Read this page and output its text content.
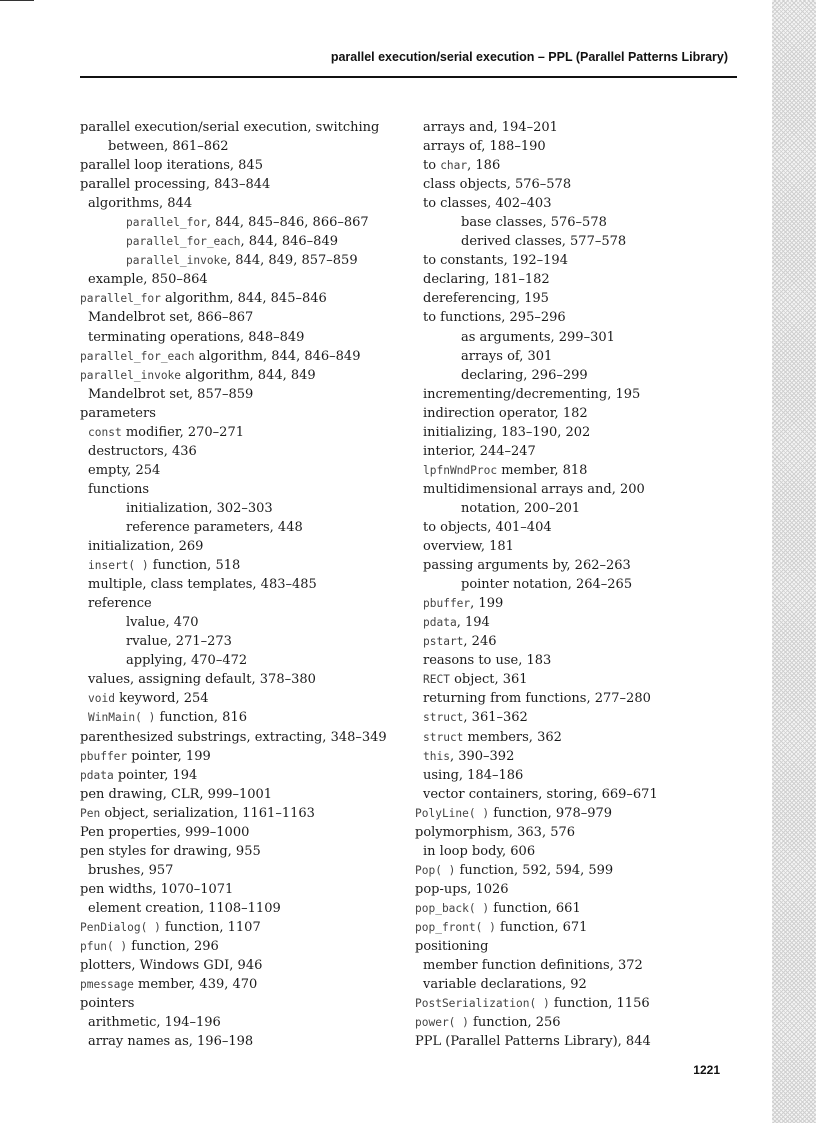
parallel execution/serial execution – PPL (Parallel Patterns Library)
parallel execution/serial execution, switching
between, 861–862
parallel loop iterations, 845
parallel processing, 843–844
algorithms, 844
parallel_for, 844, 845–846, 866–867
parallel_for_each, 844, 846–849
parallel_invoke, 844, 849, 857–859
example, 850–864
parallel_for algorithm, 844, 845–846
Mandelbrot set, 866–867
terminating operations, 848–849
parallel_for_each algorithm, 844, 846–849
parallel_invoke algorithm, 844, 849
Mandelbrot set, 857–859
parameters
const modifier, 270–271
destructors, 436
empty, 254
functions
initialization, 302–303
reference parameters, 448
initialization, 269
insert( ) function, 518
multiple, class templates, 483–485
reference
lvalue, 470
rvalue, 271–273
applying, 470–472
values, assigning default, 378–380
void keyword, 254
WinMain( ) function, 816
parenthesized substrings, extracting, 348–349
pbuffer pointer, 199
pdata pointer, 194
pen drawing, CLR, 999–1001
Pen object, serialization, 1161–1163
Pen properties, 999–1000
pen styles for drawing, 955
brushes, 957
pen widths, 1070–1071
element creation, 1108–1109
PenDialog( ) function, 1107
pfun( ) function, 296
plotters, Windows GDI, 946
pmessage member, 439, 470
pointers
arithmetic, 194–196
array names as, 196–198
arrays and, 194–201
arrays of, 188–190
to char, 186
class objects, 576–578
to classes, 402–403
base classes, 576–578
derived classes, 577–578
to constants, 192–194
declaring, 181–182
dereferencing, 195
to functions, 295–296
as arguments, 299–301
arrays of, 301
declaring, 296–299
incrementing/decrementing, 195
indirection operator, 182
initializing, 183–190, 202
interior, 244–247
lpfnWndProc member, 818
multidimensional arrays and, 200
notation, 200–201
to objects, 401–404
overview, 181
passing arguments by, 262–263
pointer notation, 264–265
pbuffer, 199
pdata, 194
pstart, 246
reasons to use, 183
RECT object, 361
returning from functions, 277–280
struct, 361–362
struct members, 362
this, 390–392
using, 184–186
vector containers, storing, 669–671
PolyLine( ) function, 978–979
polymorphism, 363, 576
in loop body, 606
Pop( ) function, 592, 594, 599
pop-ups, 1026
pop_back( ) function, 661
pop_front( ) function, 671
positioning
member function definitions, 372
variable declarations, 92
PostSerialization( ) function, 1156
power( ) function, 256
PPL (Parallel Patterns Library), 844
1221
